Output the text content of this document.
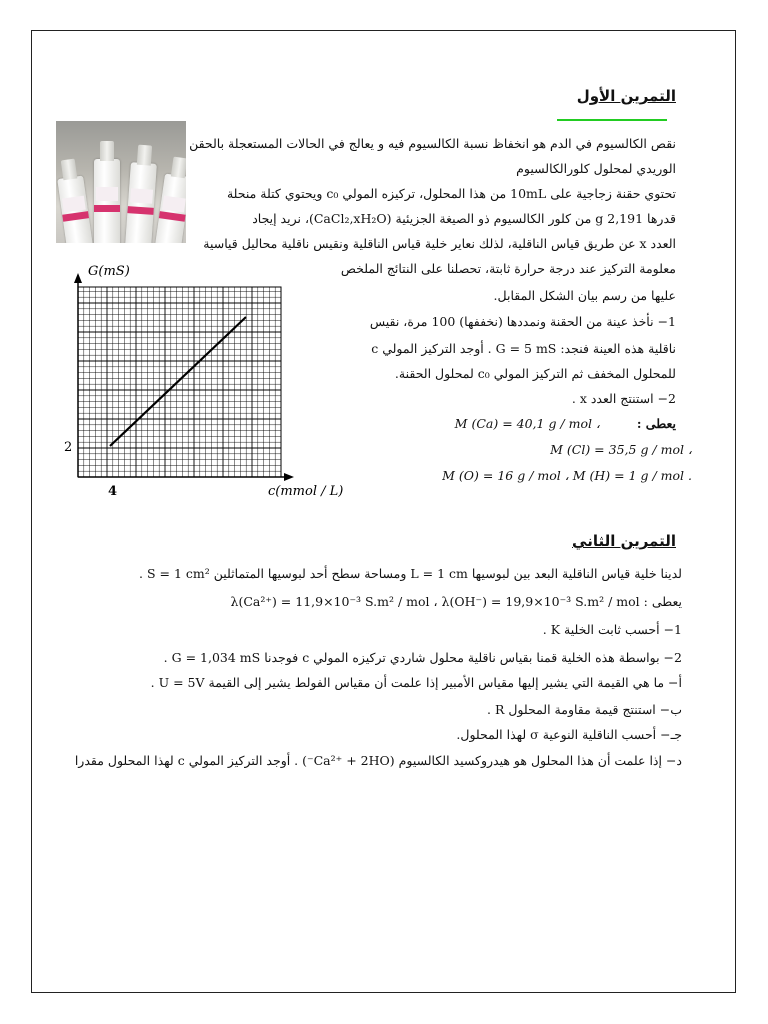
التمرين الأول
نقص الكالسيوم في الدم هو انخفاظ نسبة الكالسيوم فيه و يعالج في الحالات المستعجلة بالحقن
الوريدي لمحلول كلورالكالسيوم
تحتوي حقنة زجاجية على 10mL من هذا المحلول، تركيزه المولي c₀ ويحتوي كتلة منحلة
قدرها 2,191 g من كلور الكالسيوم ذو الصيغة الجزيئية (CaCl₂,xH₂O)، نريد إيجاد
العدد x عن طريق قياس الناقلية، لذلك نعاير خلية قياس الناقلية ونقيس ناقلية محاليل قياسية
معلومة التركيز عند درجة حرارة ثابتة، تحصلنا على النتائج الملخص
عليها من رسم بيان الشكل المقابل.
1− نأخذ عينة من الحقنة ونمددها (نخففها) 100 مرة، نقيس
ناقلية هذه العينة فنجد: G = 5 mS . أوجد التركيز المولي c
للمحلول المخفف ثم التركيز المولي c₀ لمحلول الحقنة.
2− استنتج العدد x .
يعطى :
، M (Ca) = 40,1 g / mol
، M (Cl) = 35,5 g / mol
. M (O) = 16 g / mol ، M (H) = 1 g / mol
G(mS)
c(mmol / L)
2
4
التمرين الثاني
لدينا خلية قياس الناقلية البعد بين لبوسيها L = 1 cm ومساحة سطح أحد لبوسيها المتماثلين S = 1 cm² .
يعطى : λ(Ca²⁺) = 11,9×10⁻³ S.m² / mol ، λ(OH⁻) = 19,9×10⁻³ S.m² / mol
1− أحسب ثابت الخلية K .
2− بواسطة هذه الخلية قمنا بقياس ناقلية محلول شاردي تركيزه المولي c فوجدنا G = 1,034 mS .
أ− ما هي القيمة التي يشير إليها مقياس الأمبير إذا علمت أن مقياس الفولط يشير إلى القيمة U = 5V .
ب− استنتج قيمة مقاومة المحلول R .
جـ− أحسب الناقلية النوعية σ لهذا المحلول.
د− إذا علمت أن هذا المحلول هو هيدروكسيد الكالسيوم (Ca²⁺ + 2HO⁻) . أوجد التركيز المولي c لهذا المحلول مقدرا
